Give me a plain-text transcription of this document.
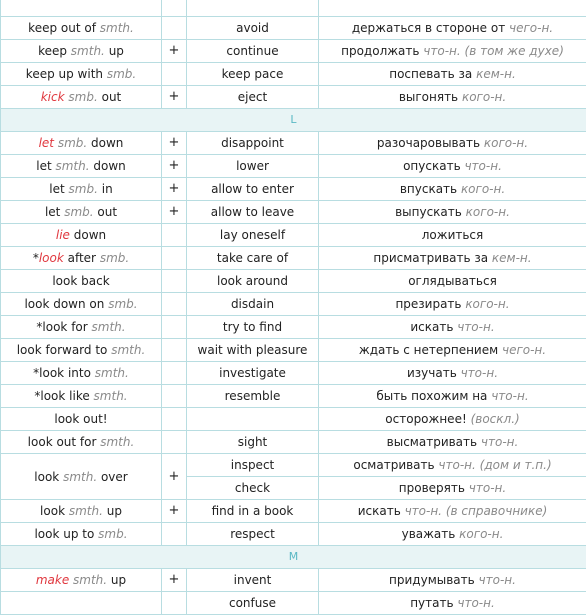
keep out of smth.		avoid	держаться в стороне от чего-н.
keep smth. up	+	continue	продолжать что-н. (в том же духе)
keep up with smb.		keep pace	поспевать за кем-н.
kick smb. out	+	eject	выгонять кого-н.
L			
let smb. down	+	disappoint	разочаровывать кого-н.
let smth. down	+	lower	опускать что-н.
let smb. in	+	allow to enter	впускать кого-н.
let smb. out	+	allow to leave	выпускать кого-н.
lie down		lay oneself	ложиться
*look after smb.		take care of	присматривать за кем-н.
look back		look around	оглядываться
look down on smb.		disdain	презирать кого-н.
*look for smth.		try to find	искать что-н.
look forward to smth.		wait with pleasure	ждать с нетерпением чего-н.
*look into smth.		investigate	изучать что-н.
*look like smth.		resemble	быть похожим на что-н.
look out!			осторожнее! (воскл.)
look out for smth.		sight	высматривать что-н.
look smth. over	+	inspect	осматривать что-н. (дом и т.п.)
		check	проверять что-н.
look smth. up	+	find in a book	искать что-н. (в справочнике)
look up to smb.		respect	уважать кого-н.
M			
make smth. up	+	invent	придумывать что-н.
		confuse	путать что-н.
